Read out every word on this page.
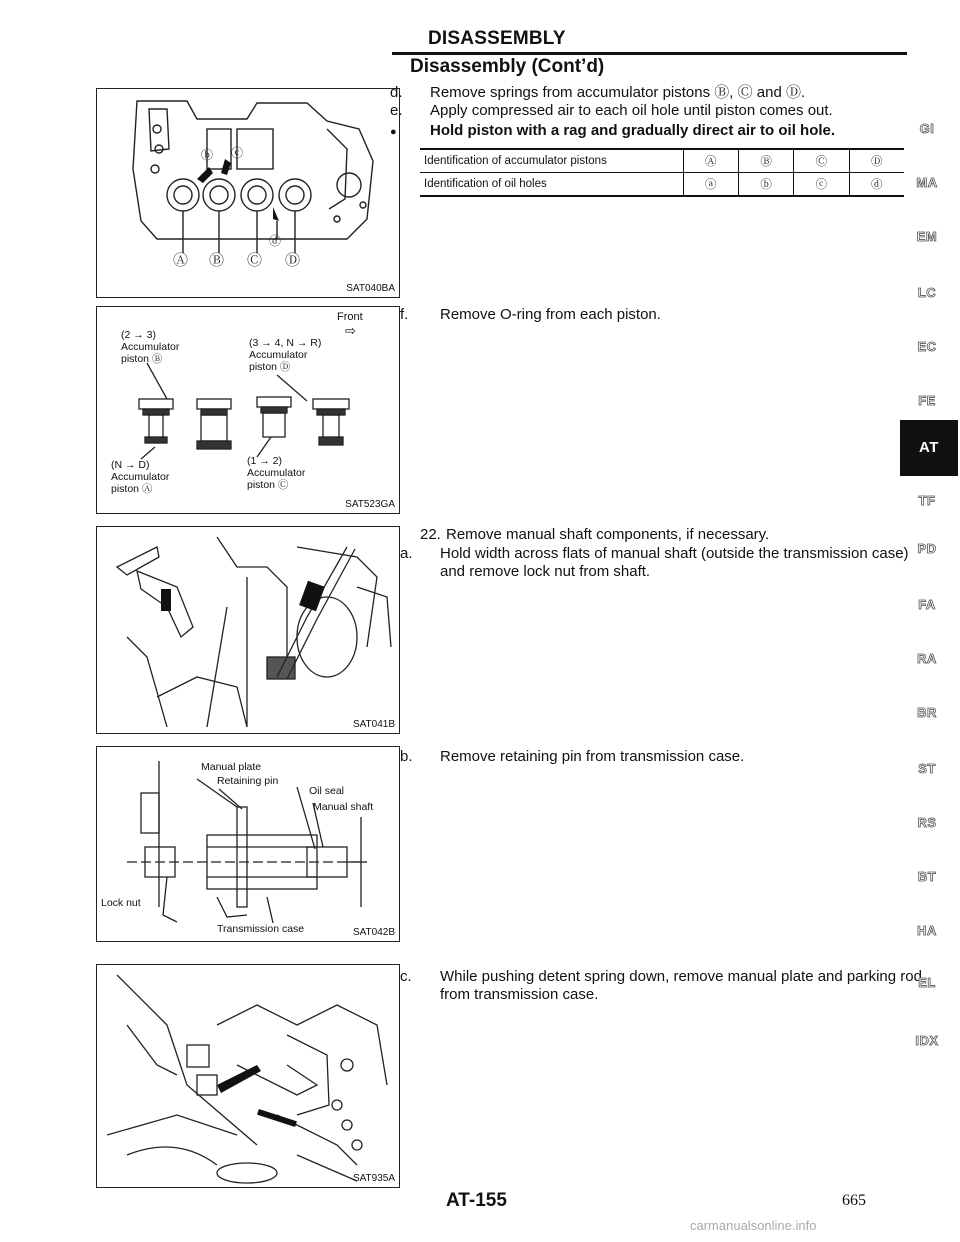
DISASSEMBLY
Disassembly (Cont’d)
Ⓐ Ⓑ Ⓒ Ⓓ
ⓑ ⓒ
ⓓ
SAT040BA
Front
⇨
(2 → 3)
Accumulator
piston Ⓑ
(3 → 4, N → R)
Accumulator
piston Ⓓ
(N → D)
Accumulator
piston Ⓐ
(1 → 2)
Accumulator
piston Ⓒ
SAT523GA
SAT041B
Manual plate
Retaining pin
Oil seal
Manual shaft
Lock nut
Transmission case	SAT042B
SAT935A
d. Remove springs from accumulator pistons Ⓑ, Ⓒ and Ⓓ.
e. Apply compressed air to each oil hole until piston comes out.
● Hold piston with a rag and gradually direct air to oil hole.
Identification of accumulator pistons	Ⓐ	Ⓑ	Ⓒ	Ⓓ
Identification of oil holes	ⓐ	ⓑ	ⓒ	ⓓ
f. Remove O-ring from each piston.
22. Remove manual shaft components, if necessary.
a. Hold width across flats of manual shaft (outside the transmission case) and remove lock nut from shaft.
b. Remove retaining pin from transmission case.
c. While pushing detent spring down, remove manual plate and parking rod from transmission case.
GI
MA
EM
LC
EC
FE
AT
TF
PD
FA
RA
BR
ST
RS
BT
HA
EL
IDX
AT-155	665
carmanualsonline.info
